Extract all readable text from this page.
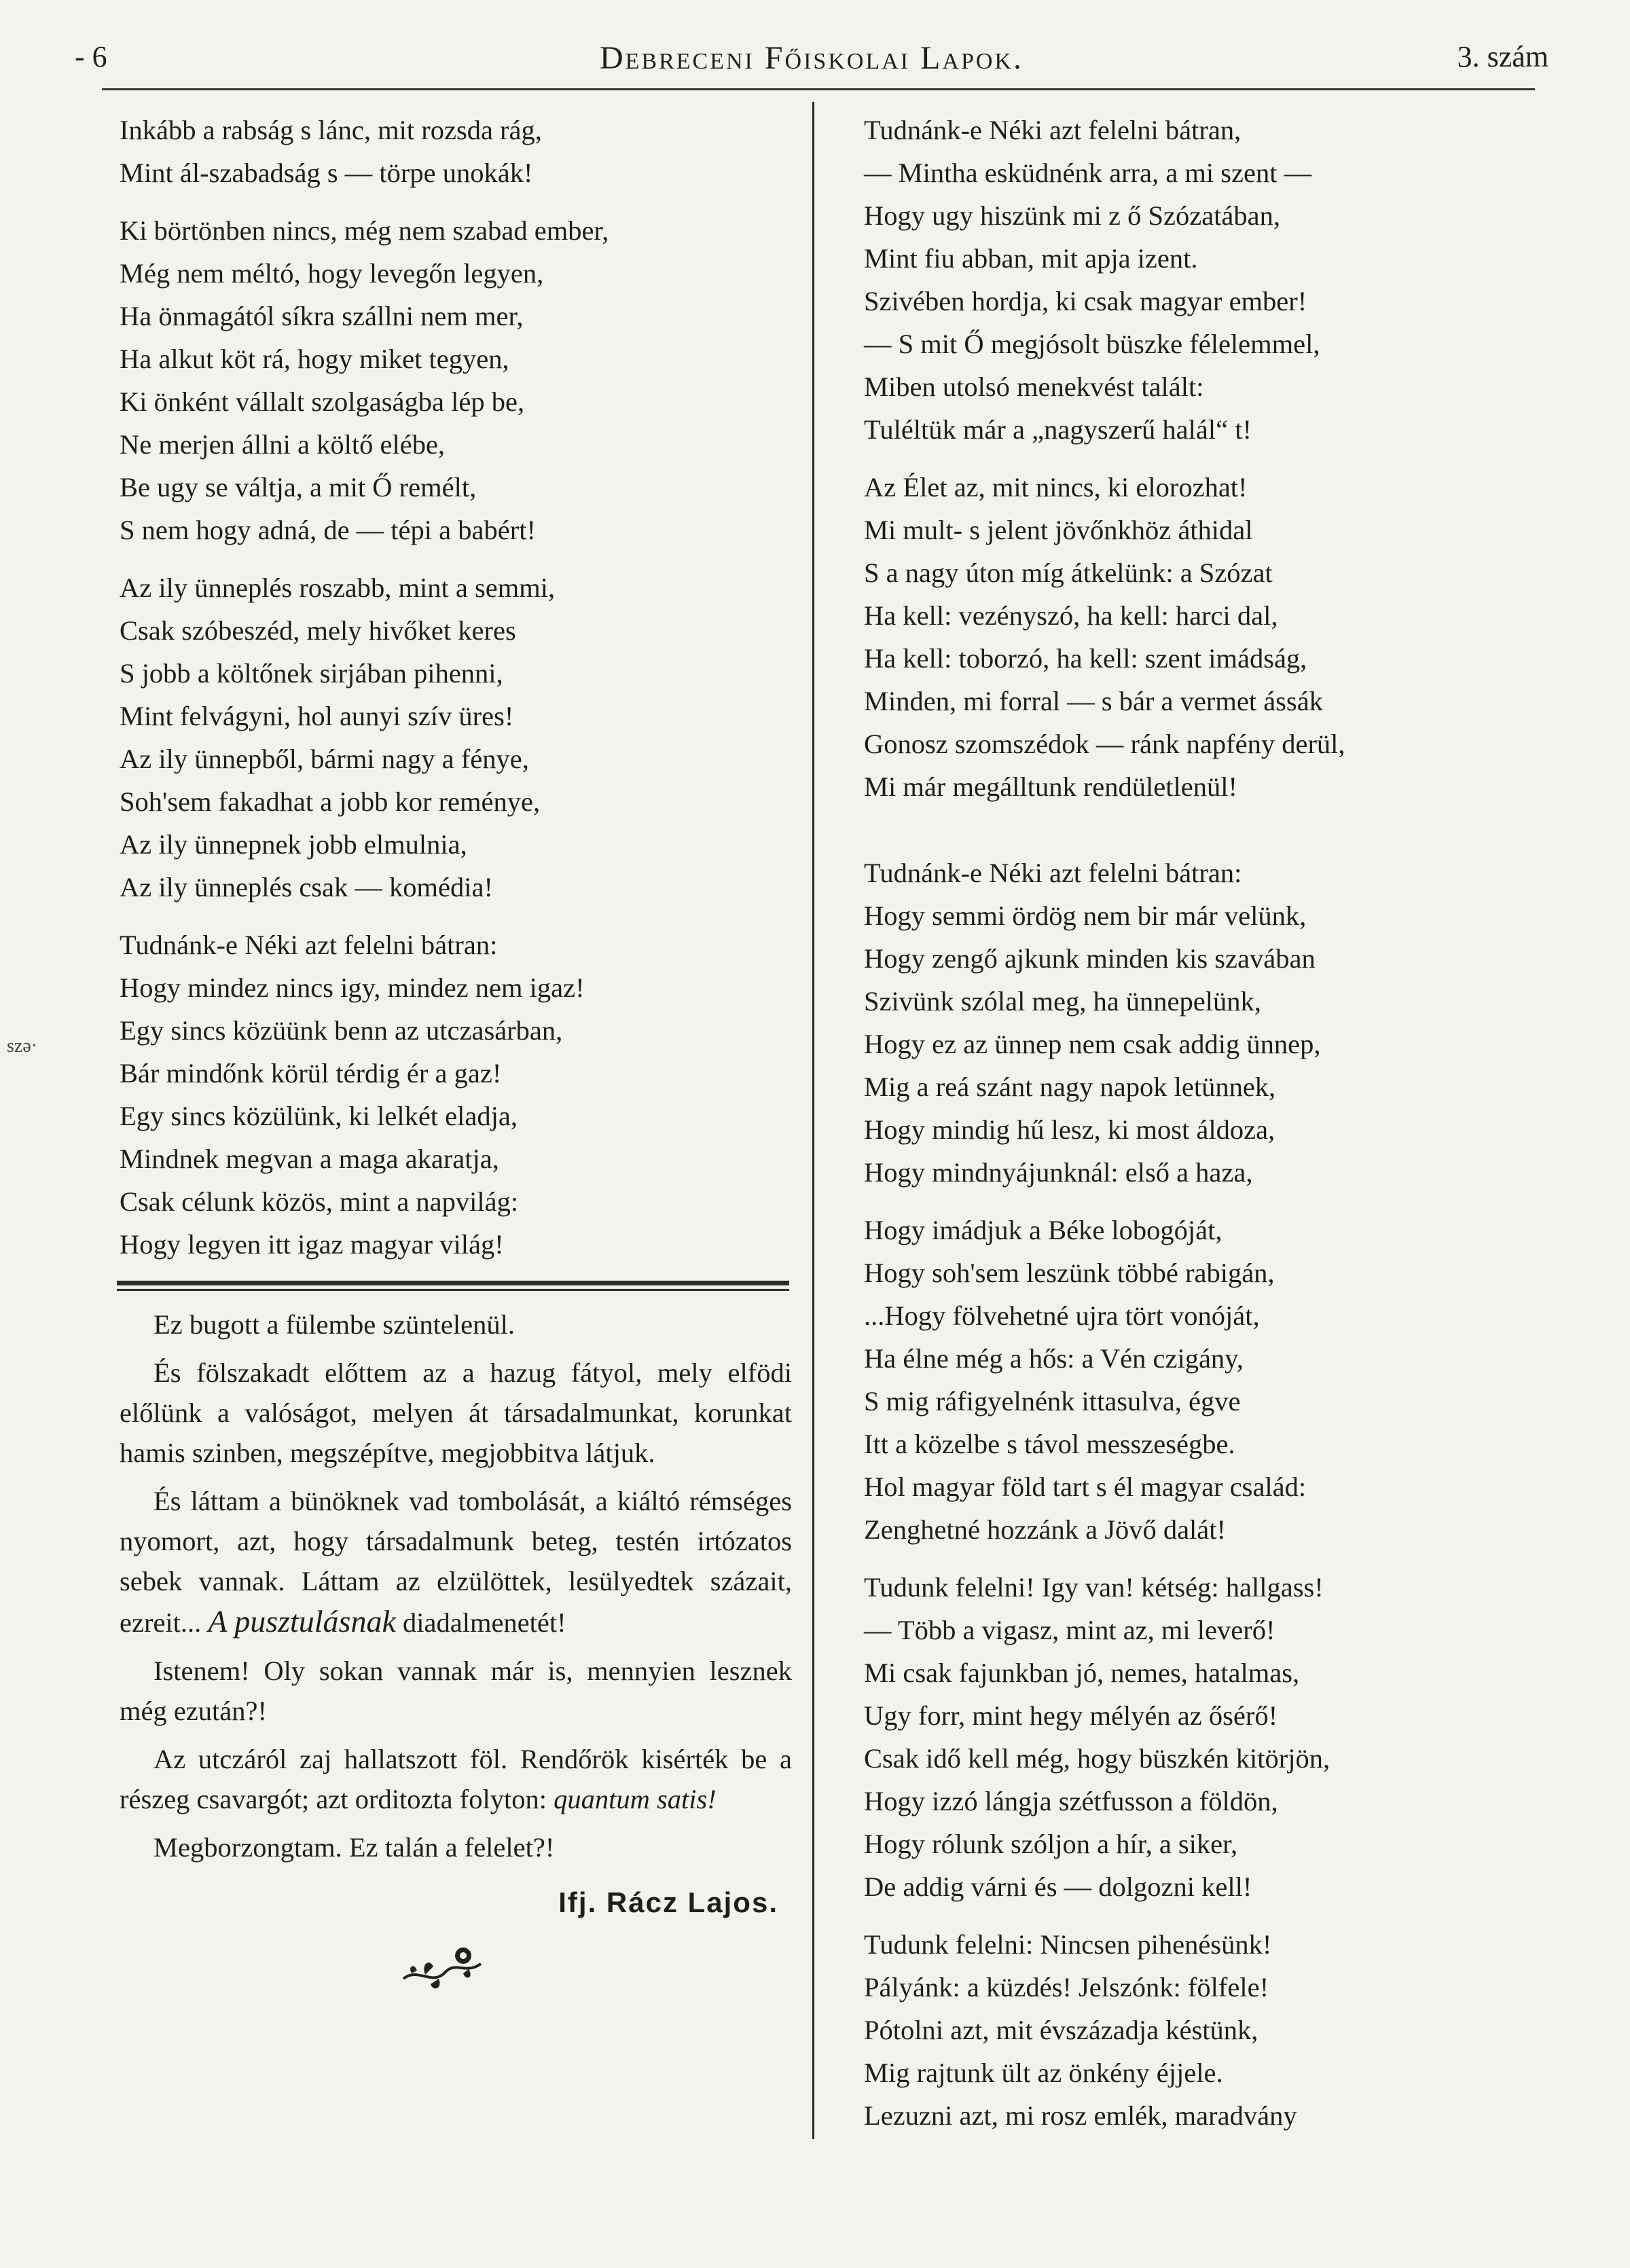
- 6	Debreceni Főiskolai Lapok.	3. szám
szə·
Inkább a rabság s lánc, mit rozsda rág,
Mint ál-szabadság s — törpe unokák!
Ki börtönben nincs, még nem szabad ember,
Még nem méltó, hogy levegőn legyen,
Ha önmagától síkra szállni nem mer,
Ha alkut köt rá, hogy miket tegyen,
Ki önként vállalt szolgaságba lép be,
Ne merjen állni a költő elébe,
Be ugy se váltja, a mit Ő remélt,
S nem hogy adná, de — tépi a babért!
Az ily ünneplés roszabb, mint a semmi,
Csak szóbeszéd, mely hivőket keres
S jobb a költőnek sirjában pihenni,
Mint felvágyni, hol aunyi szív üres!
Az ily ünnepből, bármi nagy a fénye,
Soh'sem fakadhat a jobb kor reménye,
Az ily ünnepnek jobb elmulnia,
Az ily ünneplés csak — komédia!
Tudnánk-e Néki azt felelni bátran:
Hogy mindez nincs igy, mindez nem igaz!
Egy sincs közüünk benn az utczasárban,
Bár mindőnk körül térdig ér a gaz!
Egy sincs közülünk, ki lelkét eladja,
Mindnek megvan a maga akaratja,
Csak célunk közös, mint a napvilág:
Hogy legyen itt igaz magyar világ!

Ez bugott a fülembe szüntelenül.

És fölszakadt előttem az a hazug fátyol, mely elfödi előlünk a valóságot, melyen át társadalmunkat, korunkat hamis szinben, megszépítve, megjobbitva látjuk.

És láttam a bünöknek vad tombolását, a kiáltó rémséges nyomort, azt, hogy társadalmunk beteg, testén irtózatos sebek vannak. Láttam az elzülöttek, lesülyedtek százait, ezreit... A pusztulásnak diadalmenetét!

Istenem! Oly sokan vannak már is, mennyien lesznek még ezután?!

Az utczáról zaj hallatszott föl. Rendőrök kisérték be a részeg csavargót; azt orditozta folyton: quantum satis!

Megborzongtam. Ez talán a felelet?!

Ifj. Rácz Lajos.
Tudnánk-e Néki azt felelni bátran,
— Mintha esküdnénk arra, a mi szent —
Hogy ugy hiszünk mi z ő Szózatában,
Mint fiu abban, mit apja izent.
Szivében hordja, ki csak magyar ember!
— S mit Ő megjósolt büszke félelemmel,
Miben utolsó menekvést talált:
Tuléltük már a „nagyszerű halál“ t!
Az Élet az, mit nincs, ki elorozhat!
Mi mult- s jelent jövőnkhöz áthidal
S a nagy úton míg átkelünk: a Szózat
Ha kell: vezényszó, ha kell: harci dal,
Ha kell: toborzó, ha kell: szent imádság,
Minden, mi forral — s bár a vermet ássák
Gonosz szomszédok — ránk napfény derül,
Mi már megálltunk rendületlenül!
Tudnánk-e Néki azt felelni bátran:
Hogy semmi ördög nem bir már velünk,
Hogy zengő ajkunk minden kis szavában
Szivünk szólal meg, ha ünnepelünk,
Hogy ez az ünnep nem csak addig ünnep,
Mig a reá szánt nagy napok letünnek,
Hogy mindig hű lesz, ki most áldoza,
Hogy mindnyájunknál: első a haza,
Hogy imádjuk a Béke lobogóját,
Hogy soh'sem leszünk többé rabigán,
...Hogy fölvehetné ujra tört vonóját,
Ha élne még a hős: a Vén czigány,
S mig ráfigyelnénk ittasulva, égve
Itt a közelbe s távol messzeségbe.
Hol magyar föld tart s él magyar család:
Zenghetné hozzánk a Jövő dalát!
Tudunk felelni! Igy van! kétség: hallgass!
— Több a vigasz, mint az, mi leverő!
Mi csak fajunkban jó, nemes, hatalmas,
Ugy forr, mint hegy mélyén az ősérő!
Csak idő kell még, hogy büszkén kitörjön,
Hogy izzó lángja szétfusson a földön,
Hogy rólunk szóljon a hír, a siker,
De addig várni és — dolgozni kell!
Tudunk felelni: Nincsen pihenésünk!
Pályánk: a küzdés! Jelszónk: fölfele!
Pótolni azt, mit évszázadja késtünk,
Mig rajtunk ült az önkény éjjele.
Lezuzni azt, mi rosz emlék, maradvány
